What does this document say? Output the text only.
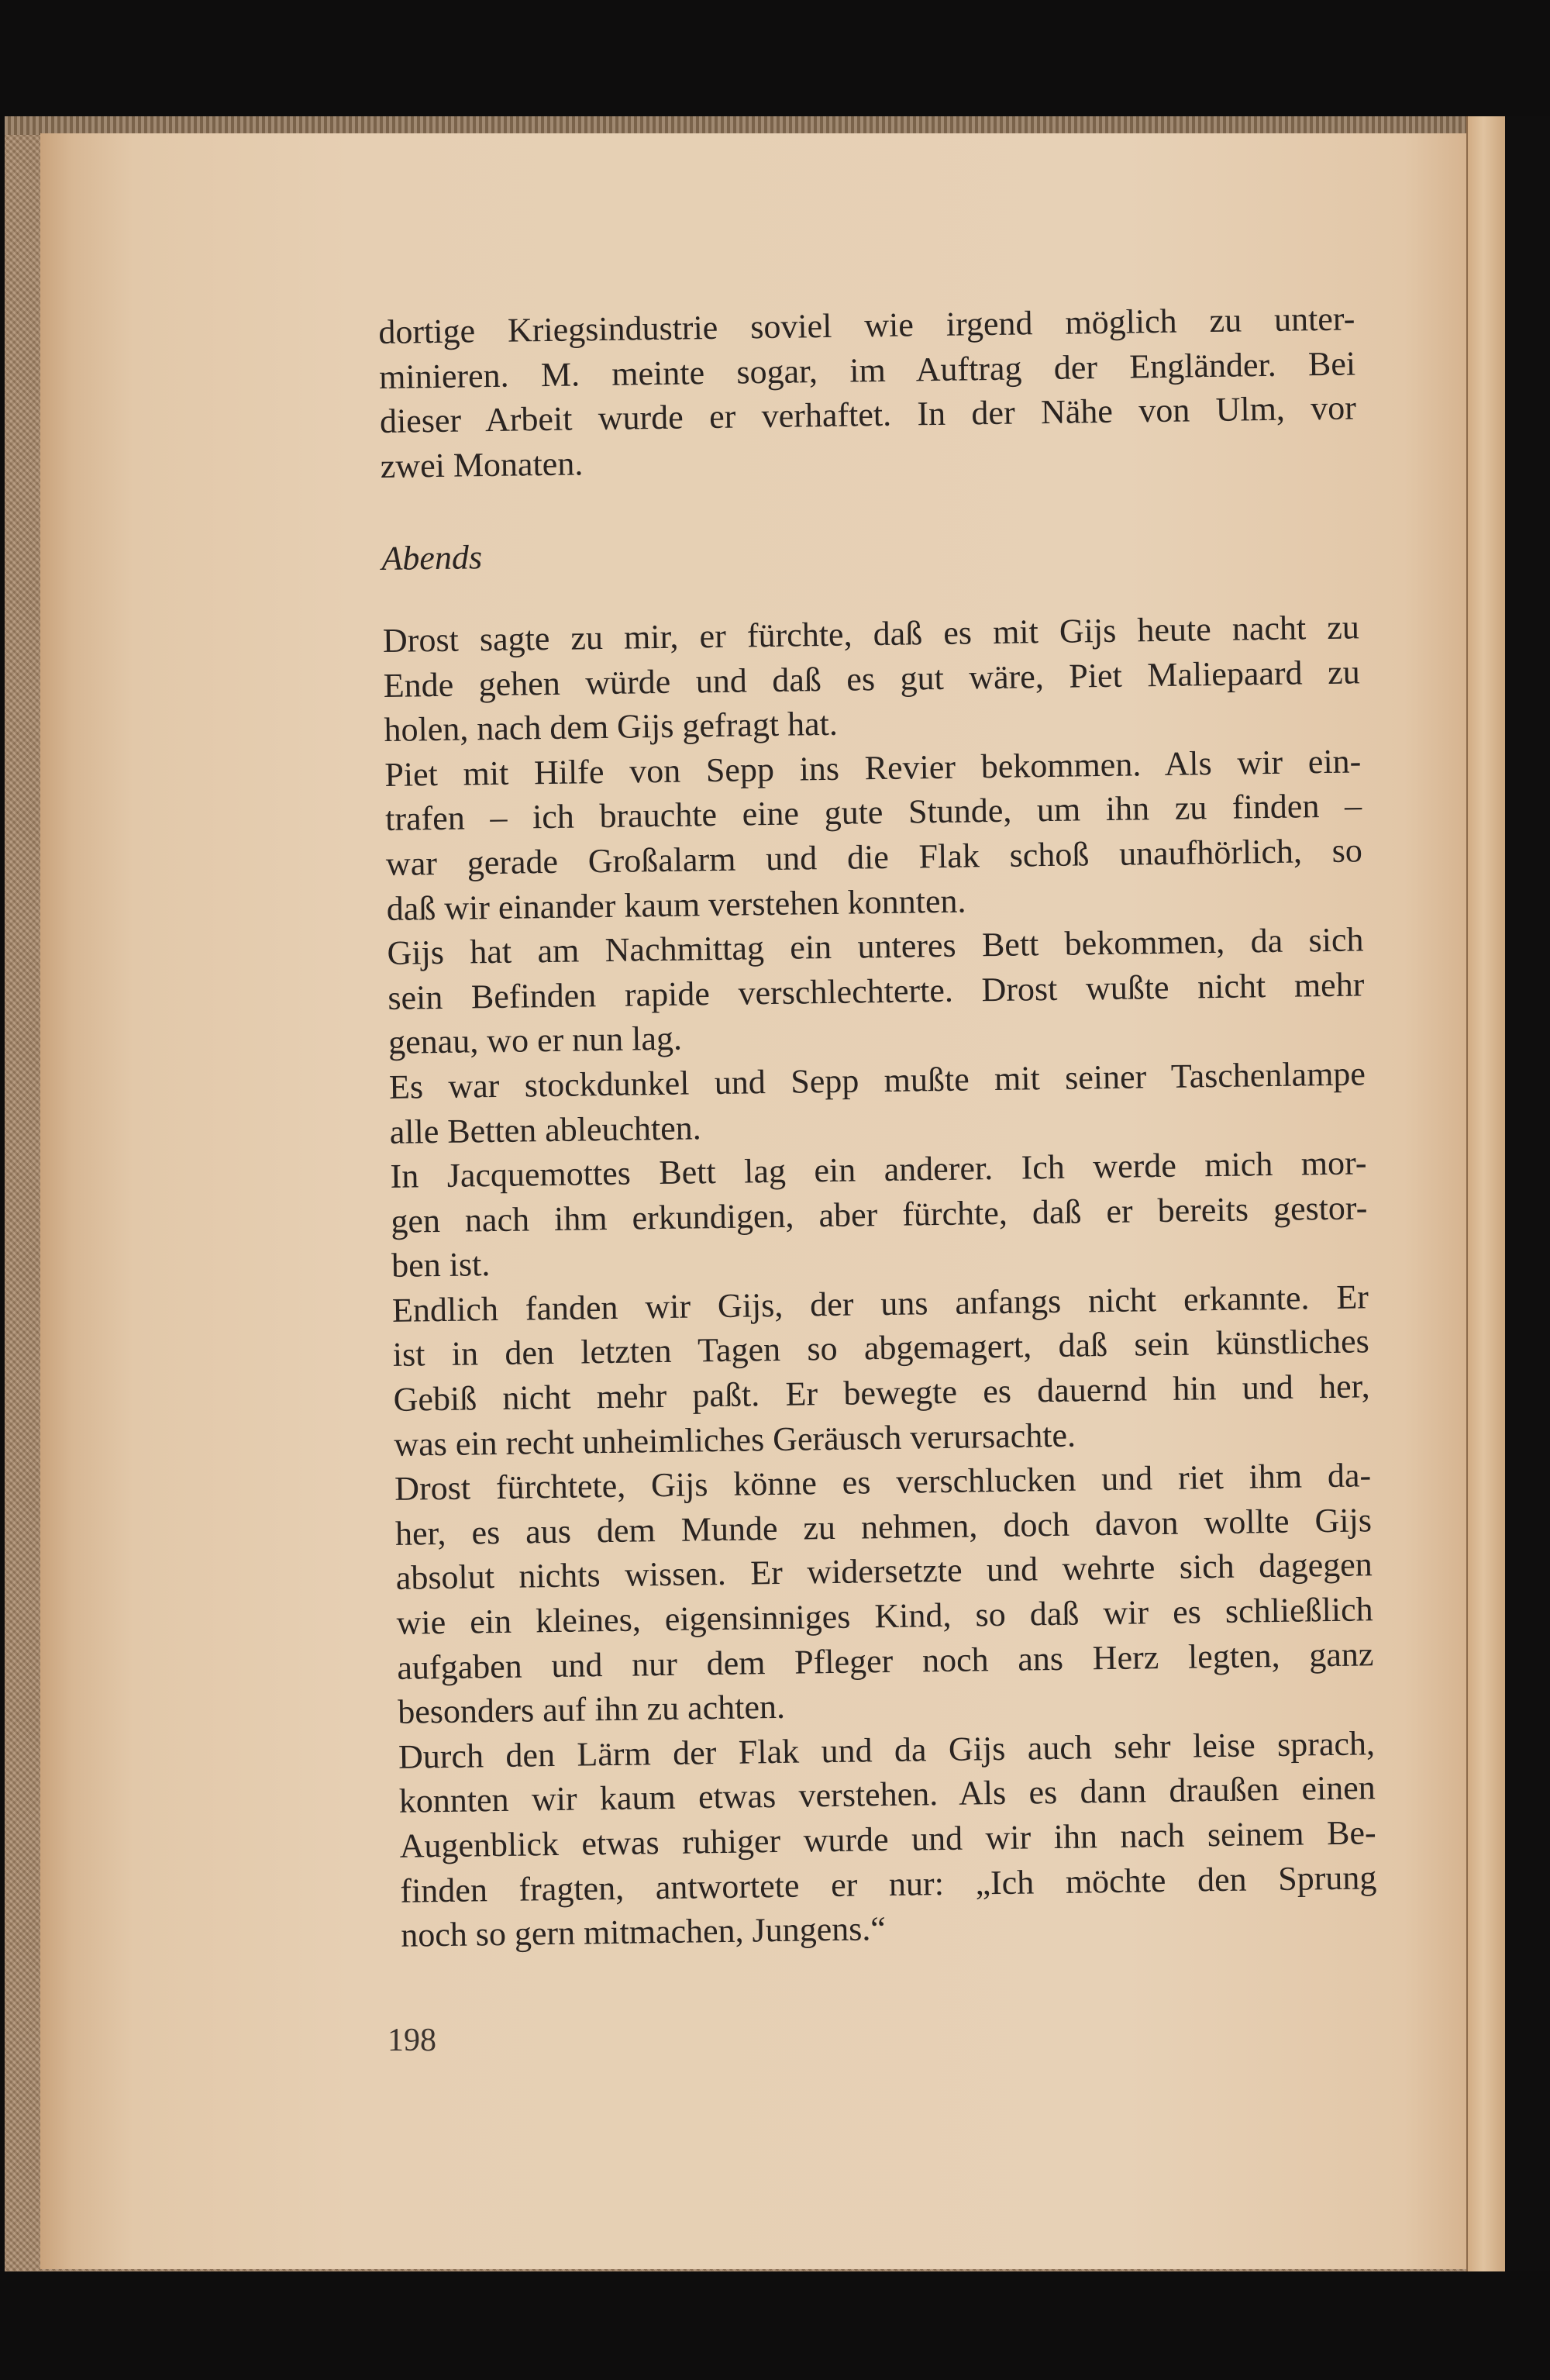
dortige Kriegsindustrie soviel wie irgend möglich zu unter-
minieren. M. meinte sogar, im Auftrag der Engländer. Bei
dieser Arbeit wurde er verhaftet. In der Nähe von Ulm, vor
zwei Monaten.

Abends

Drost sagte zu mir, er fürchte, daß es mit Gijs heute nacht zu
Ende gehen würde und daß es gut wäre, Piet Maliepaard zu
holen, nach dem Gijs gefragt hat.

Piet mit Hilfe von Sepp ins Revier bekommen. Als wir ein-
trafen – ich brauchte eine gute Stunde, um ihn zu finden –
war gerade Großalarm und die Flak schoß unaufhörlich, so
daß wir einander kaum verstehen konnten.

Gijs hat am Nachmittag ein unteres Bett bekommen, da sich
sein Befinden rapide verschlechterte. Drost wußte nicht mehr
genau, wo er nun lag.

Es war stockdunkel und Sepp mußte mit seiner Taschenlampe
alle Betten ableuchten.

In Jacquemottes Bett lag ein anderer. Ich werde mich mor-
gen nach ihm erkundigen, aber fürchte, daß er bereits gestor-
ben ist.

Endlich fanden wir Gijs, der uns anfangs nicht erkannte. Er
ist in den letzten Tagen so abgemagert, daß sein künstliches
Gebiß nicht mehr paßt. Er bewegte es dauernd hin und her,
was ein recht unheimliches Geräusch verursachte.

Drost fürchtete, Gijs könne es verschlucken und riet ihm da-
her, es aus dem Munde zu nehmen, doch davon wollte Gijs
absolut nichts wissen. Er widersetzte und wehrte sich dagegen
wie ein kleines, eigensinniges Kind, so daß wir es schließlich
aufgaben und nur dem Pfleger noch ans Herz legten, ganz
besonders auf ihn zu achten.

Durch den Lärm der Flak und da Gijs auch sehr leise sprach,
konnten wir kaum etwas verstehen. Als es dann draußen einen
Augenblick etwas ruhiger wurde und wir ihn nach seinem Be-
finden fragten, antwortete er nur: „Ich möchte den Sprung
noch so gern mitmachen, Jungens.“

198
